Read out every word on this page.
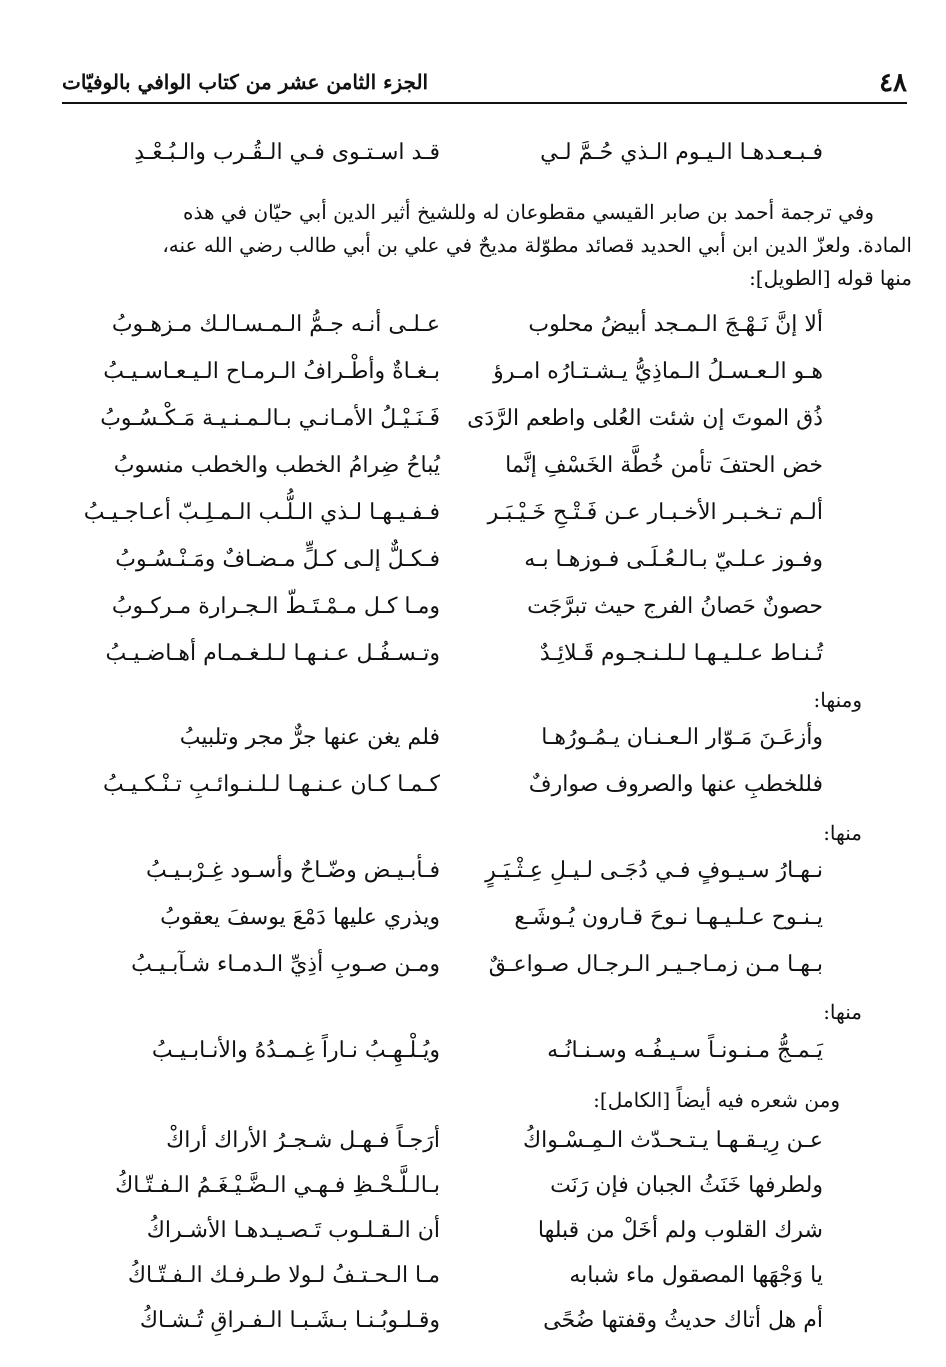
٤٨
الجزء الثامن عشر من كتاب الوافي بالوفيّات
فـبـعـدهـا الـيـوم الـذي حُـمَّ لـي
قـد اسـتـوى فـي الـقُـرب والـبُـعْـدِ

وفي ترجمة أحمد بن صابر القيسي مقطوعان له وللشيخ أثير الدين أبي حيّان في هذه

المادة. ولعزّ الدين ابن أبي الحديد قصائد مطوّلة مديحٌ في علي بن أبي طالب رضي الله عنه،

منها قوله [الطويل]:

ألا إنَّ نَـهْـجَ الـمـجد أبيضُ محلوب
عـلـى أنـه جـمُّ الـمـسـالـك مـزهـوبُ
هـو الـعـسـلُ الـماذِيُّ يـشـتـارُه امـرؤ
بـغـاةٌ وأطْـرافُ الـرمـاح الـيـعـاسـيـبُ
ذُق الموتَ إن شئت العُلى واطعم الرَّدَى
فَـنَـيْـلُ الأمـانـي بـالـمـنـيـة مَـكْـسُـوبُ
خض الحتفَ تأمن خُطَّة الخَسْفِ إنَّما
يُباحُ ضِرامُ الخطب والخطب منسوبُ
ألـم تـخـبـر الأخـبـار عـن فَـتْـحِ خَـيْـبَـر
فـفـيـهـا لـذي الـلُّـب الـمـلِـبّ أعـاجـيـبُ
وفـوز عـلـيّ بـالـعُـلَـى فـوزهـا بـه
فـكـلٌّ إلـى كـلٍّ مـضـافٌ ومَـنْـسُـوبُ
حصونٌ حَصانُ الفرج حيث تبرَّجَت
ومـا كـل مـمْـتَـطّ الـجـرارة مـركـوبُ
تُـنـاط عـلـيـهـا لـلـنـجـوم قَـلائِـدٌ
وتـسـفُـل عـنـهـا لـلـغـمـام أهـاضـيـبُ
ومنها:
وأزعَـنَ مَـوّار الـعـنـان يـمُـورُهـا
فلم يغن عنها جرٌّ مجر وتلبيبُ
فللخطبِ عنها والصروف صوارفٌ
كـمـا كـان عـنـهـا لـلـنـوائـبِ تـنْـكـيـبُ
منها:
نـهـارُ سـيـوفٍ فـي دُجَـى لـيـلِ عِـثْـيَـرٍ
فـأبـيـض وضّـاحٌ وأسـود غِـرْبـيـبُ
يـنـوح عـلـيـهـا نـوحَ قـارون يُـوشَـع
ويذري عليها دَمْعَ يوسفَ يعقوبُ
بـهـا مـن زمـاجـيـر الـرجـال صـواعـقٌ
ومـن صـوبِ أذِيِّ الـدمـاء شـآبـيـبُ
منها:
يَـمـجُّ مـنـونـاً سـيـفُـه وسـنـانُـه
ويُـلْـهِـبُ نـاراً غِـمـدُهُ والأنـابـيـبُ
ومن شعره فيه أيضاً [الكامل]:
عـن رِيـقـهـا يـتـحـدّث الـمِـسْـواكُ
أرَجـاً فـهـل شـجـرُ الأراك أراكْ
ولطرفها خَنَثُ الجبان فإن رَنَت
بـالـلَّـحْـظِ فـهـي الـضَّـيْـغَـمُ الـفـتّـاكُ
شرك القلوب ولم أخَلْ من قبلها
أن الـقـلـوب تَـصـيـدهـا الأشـراكُ
يا وَجْهَها المصقول ماء شبابه
مـا الـحـتـفُ لـولا طـرفـك الـفـتّـاكُ
أم هل أتاك حديثُ وقفتها ضُحًى
وقـلـوبُـنـا بـشَـبـا الـفـراقِ تُـشـاكُ
